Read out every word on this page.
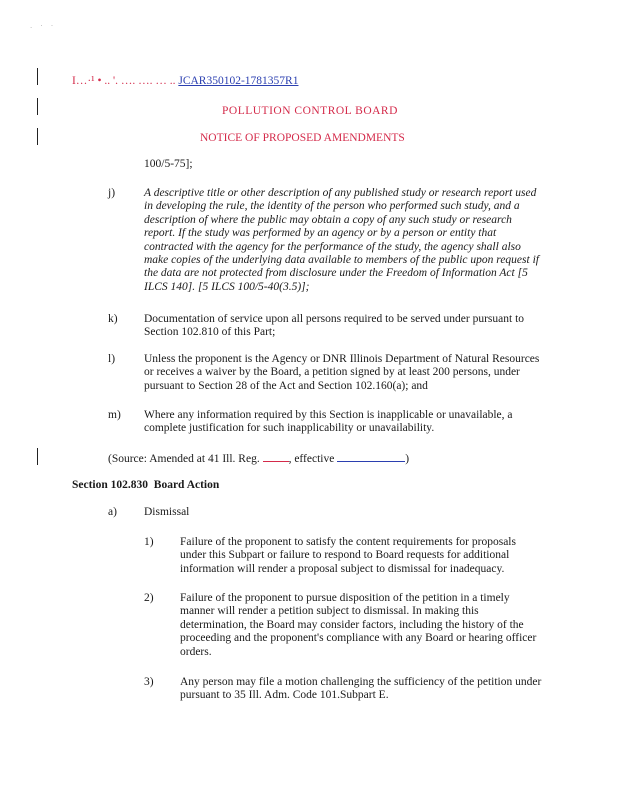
. · ·
I…·¹ • .. '. …. …. … .. JCAR350102-1781357R1
POLLUTION CONTROL BOARD
NOTICE OF PROPOSED AMENDMENTS
100/5-75];
j)	A descriptive title or other description of any published study or research report used in developing the rule, the identity of the person who performed such study, and a description of where the public may obtain a copy of any such study or research report. If the study was performed by an agency or by a person or entity that contracted with the agency for the performance of the study, the agency shall also make copies of the underlying data available to members of the public upon request if the data are not protected from disclosure under the Freedom of Information Act [5 ILCS 140]. [5 ILCS 100/5-40(3.5)];
k) Documentation of service upon all persons required to be served under pursuant to Section 102.810 of this Part;
l)	Unless the proponent is the Agency or DNR Illinois Department of Natural Resources or receives a waiver by the Board, a petition signed by at least 200 persons, under pursuant to Section 28 of the Act and Section 102.160(a); and
m) Where any information required by this Section is inapplicable or unavailable, a complete justification for such inapplicability or unavailability.
(Source: Amended at 41 Ill. Reg. , effective	)
Section 102.830 Board Action
a) Dismissal
1) Failure of the proponent to satisfy the content requirements for proposals under this Subpart or failure to respond to Board requests for additional information will render a proposal subject to dismissal for inadequacy.
2) Failure of the proponent to pursue disposition of the petition in a timely manner will render a petition subject to dismissal. In making this determination, the Board may consider factors, including the history of the proceeding and the proponent's compliance with any Board or hearing officer orders.
3) Any person may file a motion challenging the sufficiency of the petition under pursuant to 35 Ill. Adm. Code 101.Subpart E.
